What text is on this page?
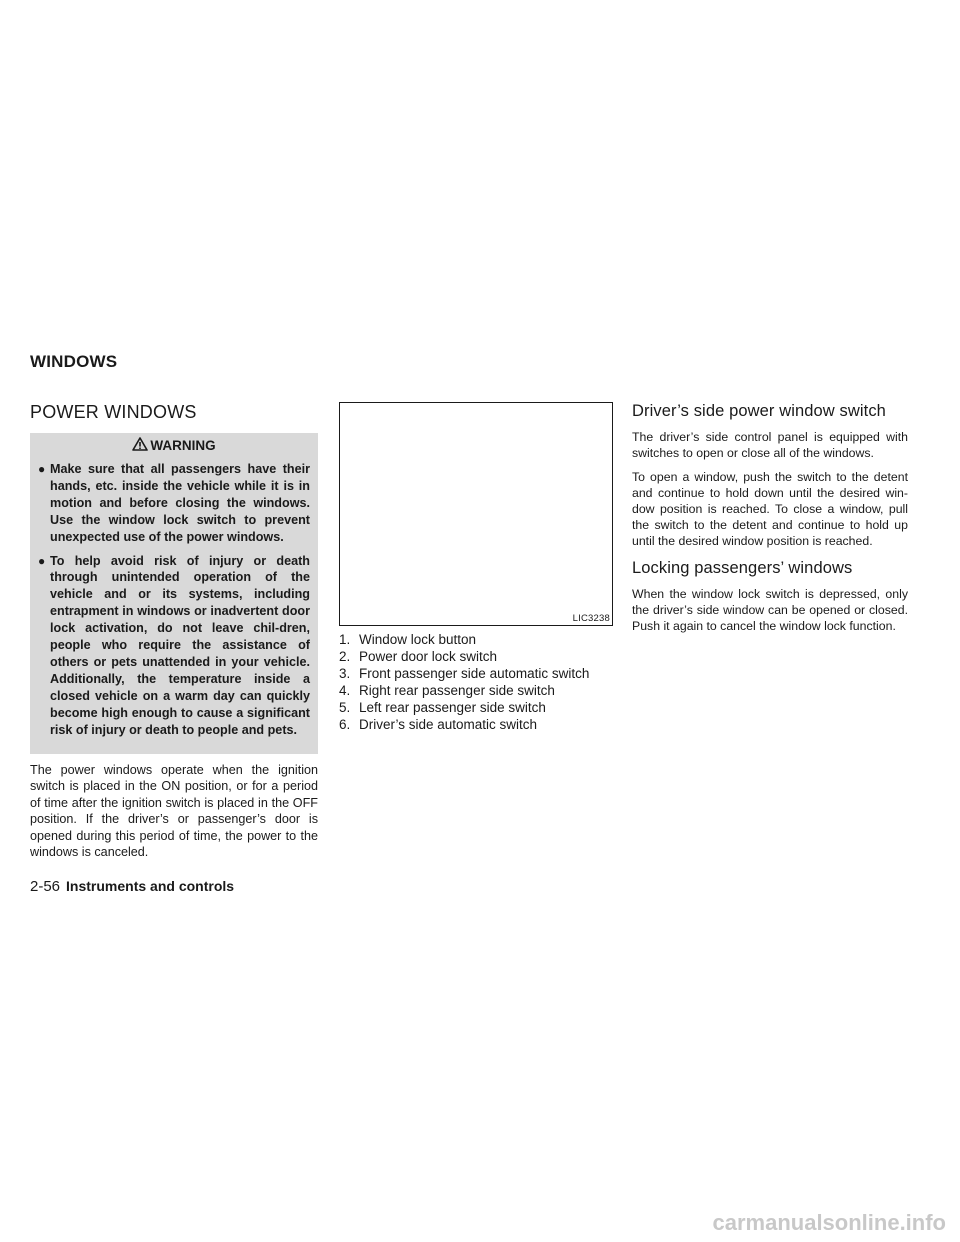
WINDOWS
POWER WINDOWS
WARNING
● Make sure that all passengers have their hands, etc. inside the vehicle while it is in motion and before closing the windows. Use the window lock switch to prevent unexpected use of the power windows.
● To help avoid risk of injury or death through unintended operation of the vehicle and or its systems, including entrapment in windows or inadvertent door lock activation, do not leave chil-dren, people who require the assistance of others or pets unattended in your vehicle. Additionally, the temperature inside a closed vehicle on a warm day can quickly become high enough to cause a significant risk of injury or death to people and pets.

The power windows operate when the ignition switch is placed in the ON position, or for a period of time after the ignition switch is placed in the OFF position. If the driver’s or passenger’s door is opened during this period of time, the power to the windows is canceled.

LIC3238
1. Window lock button
2. Power door lock switch
3. Front passenger side automatic switch
4. Right rear passenger side switch
5. Left rear passenger side switch
6. Driver’s side automatic switch
Driver’s side power window switch

The driver’s side control panel is equipped with switches to open or close all of the windows.

To open a window, push the switch to the detent and continue to hold down until the desired win-dow position is reached. To close a window, pull the switch to the detent and continue to hold up until the desired window position is reached.

Locking passengers’ windows

When the window lock switch is depressed, only the driver’s side window can be opened or closed. Push it again to cancel the window lock function.

2-56 Instruments and controls
carmanualsonline.info
